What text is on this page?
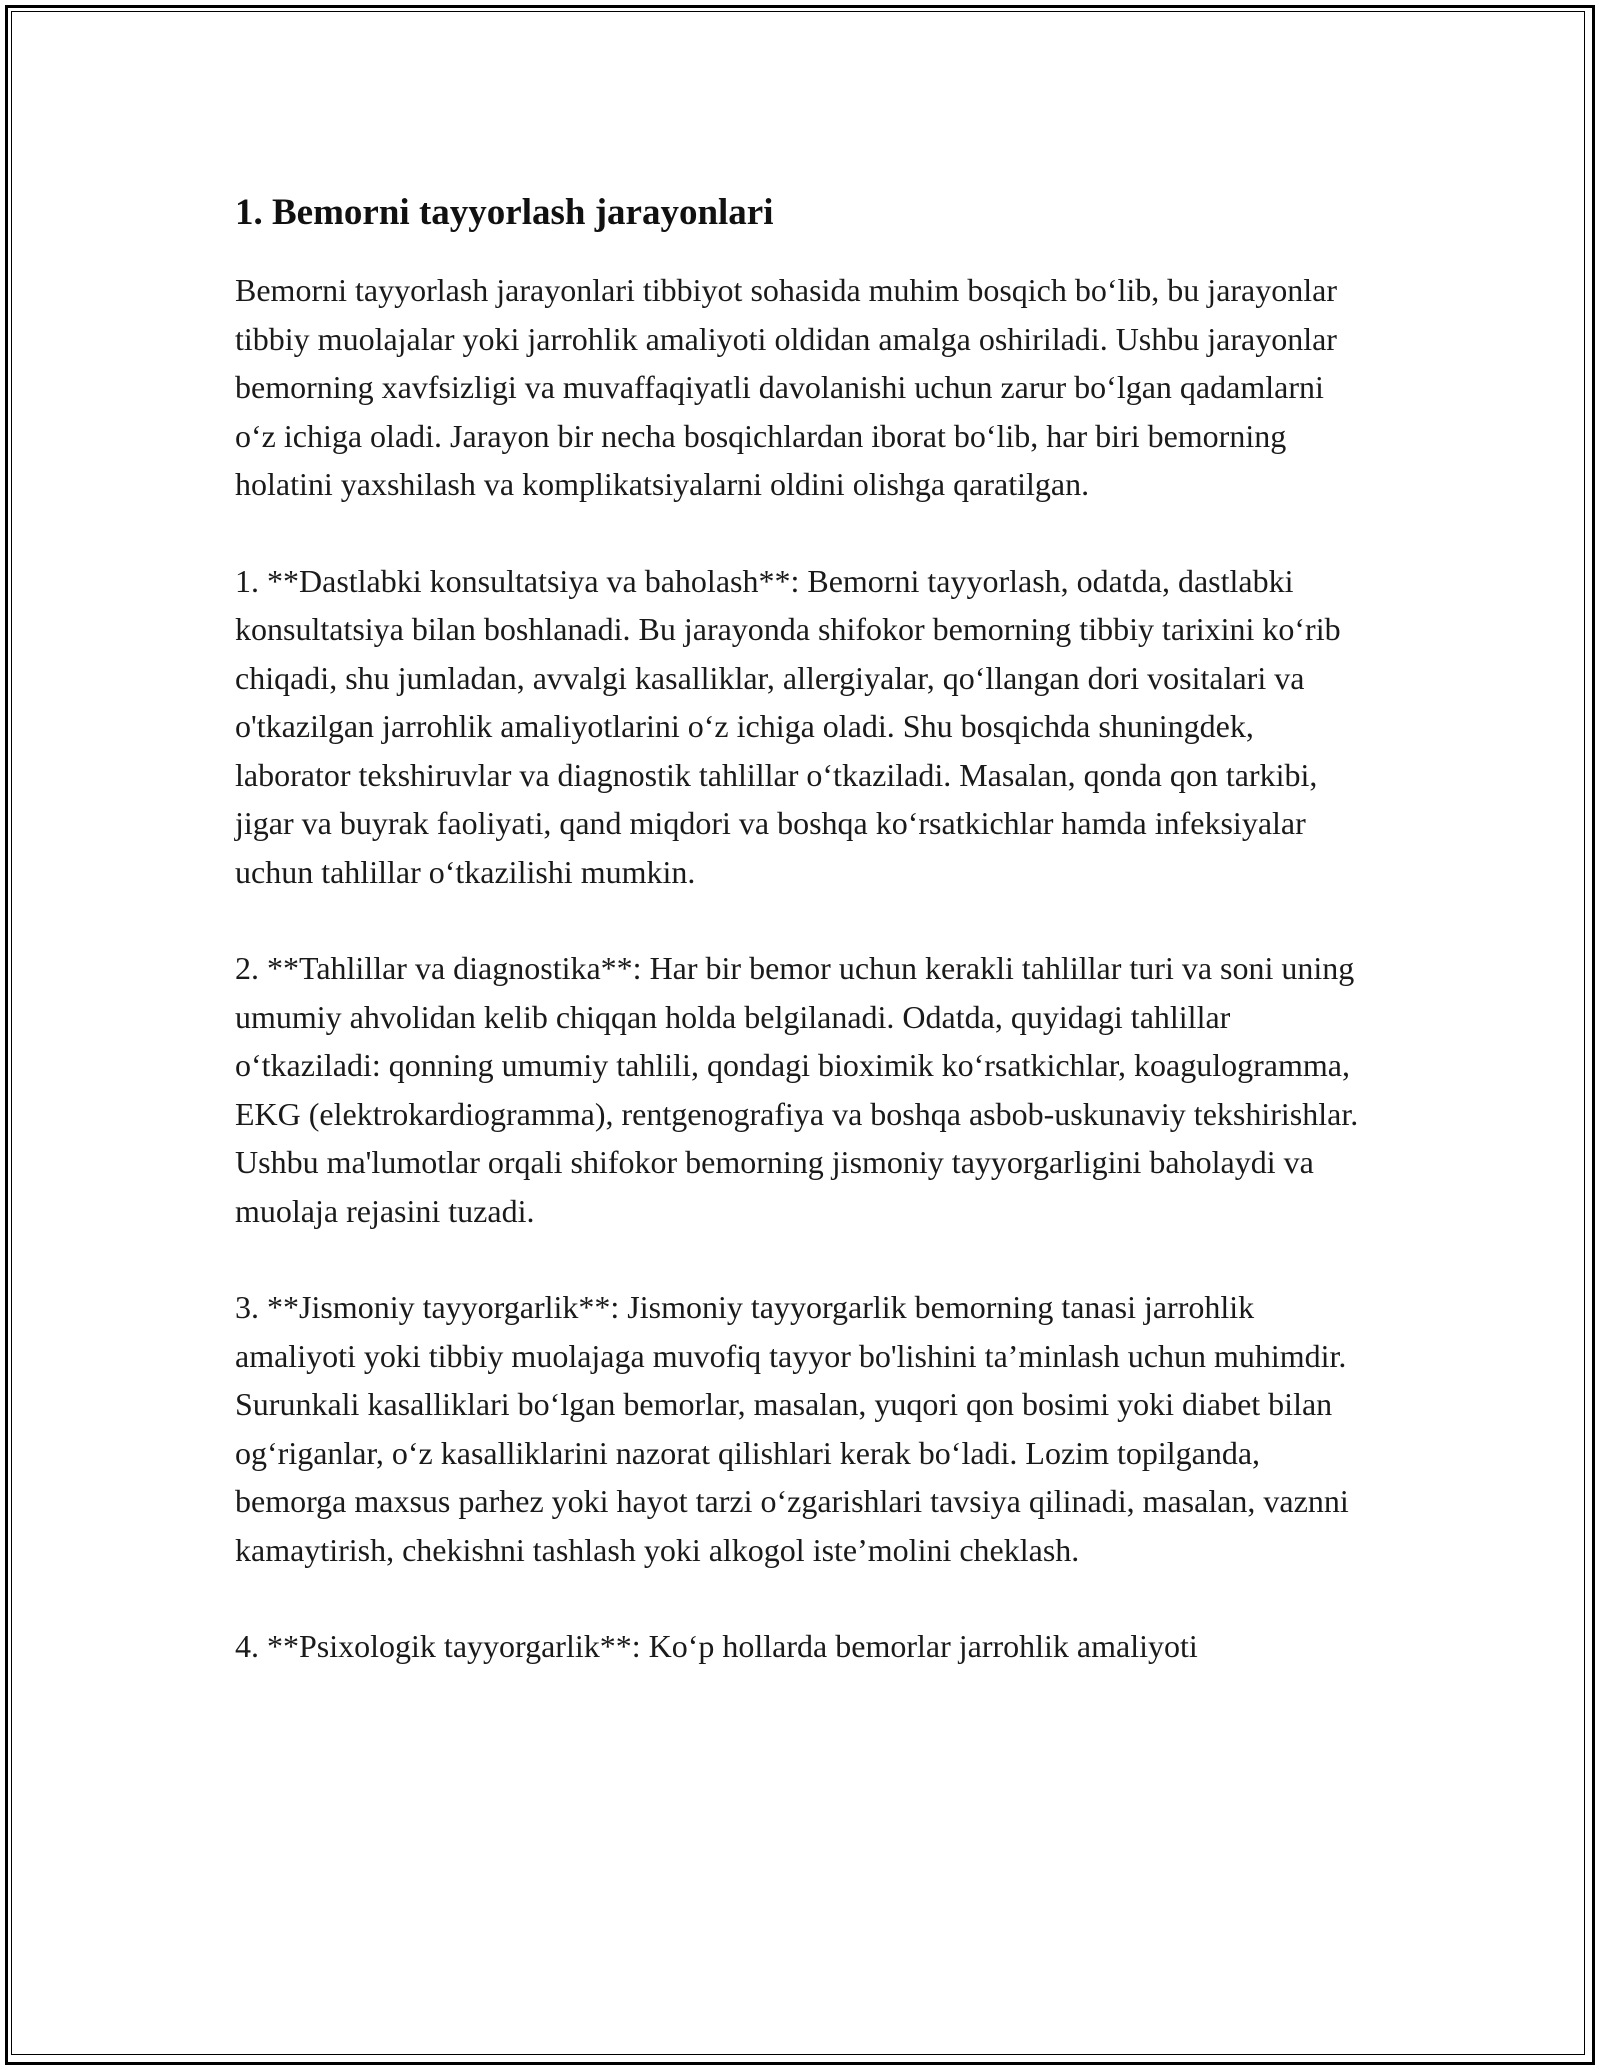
1. Bemorni tayyorlash jarayonlari

Bemorni tayyorlash jarayonlari tibbiyot sohasida muhim bosqich bo‘lib, bu jarayonlar tibbiy muolajalar yoki jarrohlik amaliyoti oldidan amalga oshiriladi. Ushbu jarayonlar bemorning xavfsizligi va muvaffaqiyatli davolanishi uchun zarur bo‘lgan qadamlarni o‘z ichiga oladi. Jarayon bir necha bosqichlardan iborat bo‘lib, har biri bemorning holatini yaxshilash va komplikatsiyalarni oldini olishga qaratilgan.

1. **Dastlabki konsultatsiya va baholash**: Bemorni tayyorlash, odatda, dastlabki konsultatsiya bilan boshlanadi. Bu jarayonda shifokor bemorning tibbiy tarixini ko‘rib chiqadi, shu jumladan, avvalgi kasalliklar, allergiyalar, qo‘llangan dori vositalari va o'tkazilgan jarrohlik amaliyotlarini o‘z ichiga oladi. Shu bosqichda shuningdek, laborator tekshiruvlar va diagnostik tahlillar o‘tkaziladi. Masalan, qonda qon tarkibi, jigar va buyrak faoliyati, qand miqdori va boshqa ko‘rsatkichlar hamda infeksiyalar uchun tahlillar o‘tkazilishi mumkin.

2. **Tahlillar va diagnostika**: Har bir bemor uchun kerakli tahlillar turi va soni uning umumiy ahvolidan kelib chiqqan holda belgilanadi. Odatda, quyidagi tahlillar o‘tkaziladi: qonning umumiy tahlili, qondagi bioximik ko‘rsatkichlar, koagulogramma, EKG (elektrokardiogramma), rentgenografiya va boshqa asbob-uskunaviy tekshirishlar. Ushbu ma'lumotlar orqali shifokor bemorning jismoniy tayyorgarligini baholaydi va muolaja rejasini tuzadi.

3. **Jismoniy tayyorgarlik**: Jismoniy tayyorgarlik bemorning tanasi jarrohlik amaliyoti yoki tibbiy muolajaga muvofiq tayyor bo'lishini ta’minlash uchun muhimdir. Surunkali kasalliklari bo‘lgan bemorlar, masalan, yuqori qon bosimi yoki diabet bilan og‘riganlar, o‘z kasalliklarini nazorat qilishlari kerak bo‘ladi. Lozim topilganda, bemorga maxsus parhez yoki hayot tarzi o‘zgarishlari tavsiya qilinadi, masalan, vaznni kamaytirish, chekishni tashlash yoki alkogol iste’molini cheklash.

4. **Psixologik tayyorgarlik**: Ko‘p hollarda bemorlar jarrohlik amaliyoti
